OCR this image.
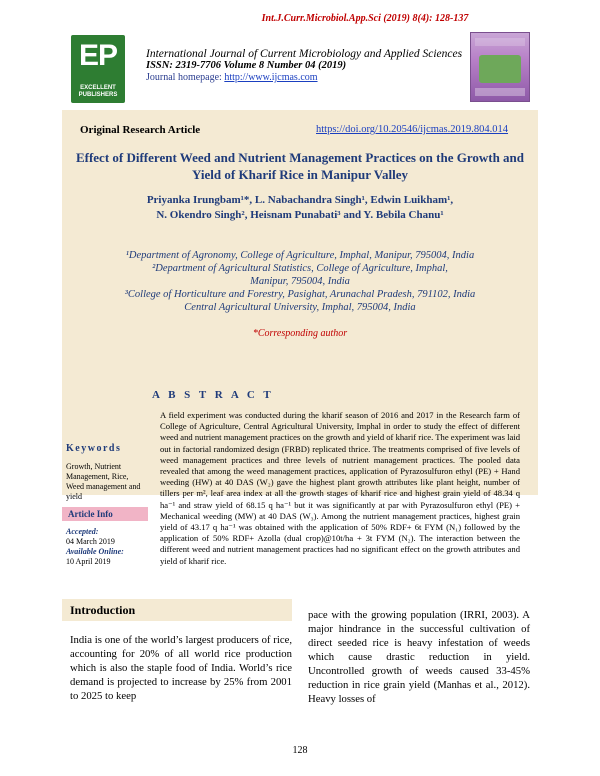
Int.J.Curr.Microbiol.App.Sci (2019) 8(4): 128-137
EP
EXCELLENT PUBLISHERS
International Journal of Current Microbiology and Applied Sciences
ISSN: 2319-7706 Volume 8 Number 04 (2019)
Journal homepage: http://www.ijcmas.com
Original Research Article	https://doi.org/10.20546/ijcmas.2019.804.014
Effect of Different Weed and Nutrient Management Practices on the Growth and Yield of Kharif Rice in Manipur Valley
Priyanka Irungbam¹*, L. Nabachandra Singh¹, Edwin Luikham¹,
N. Okendro Singh², Heisnam Punabati³ and Y. Bebila Chanu¹
¹Department of Agronomy, College of Agriculture, Imphal, Manipur, 795004, India
²Department of Agricultural Statistics, College of Agriculture, Imphal,
Manipur, 795004, India
³College of Horticulture and Forestry, Pasighat, Arunachal Pradesh, 791102, India
Central Agricultural University, Imphal, 795004, India
*Corresponding author
A B S T R A C T
A field experiment was conducted during the kharif season of 2016 and 2017 in the Research farm of College of Agriculture, Central Agricultural University, Imphal in order to study the effect of different weed and nutrient management practices on the growth and yield of kharif rice. The experiment was laid out in factorial randomized design (FRBD) replicated thrice. The treatments comprised of five levels of weed management practices and three levels of nutrient management practices. The pooled data revealed that among the weed management practices, application of Pyrazosulfuron ethyl (PE) + Hand weeding (HW) at 40 DAS (W₂) gave the highest plant growth attributes like plant height, number of tillers per m², leaf area index at all the growth stages of kharif rice and highest grain yield of 48.34 q ha⁻¹ and straw yield of 68.15 q ha⁻¹ but it was significantly at par with Pyrazosulfuron ethyl (PE) + Mechanical weeding (MW) at 40 DAS (W₃). Among the nutrient management practices, highest grain yield of 43.17 q ha⁻¹ was obtained with the application of 50% RDF+ 6t FYM (N₁) followed by the application of 50% RDF+ Azolla (dual crop)@10t/ha + 3t FYM (N₂). The interaction between the different weed and nutrient management practices had no significant effect on the growth attributes and yield of kharif rice.
Keywords
Growth, Nutrient Management, Rice, Weed management and yield
Article Info
Accepted:
04 March 2019
Available Online:
10 April 2019
Introduction
India is one of the world’s largest producers of rice, accounting for 20% of all world rice production which is also the staple food of India. World’s rice demand is projected to increase by 25% from 2001 to 2025 to keep
pace with the growing population (IRRI, 2003). A major hindrance in the successful cultivation of direct seeded rice is heavy infestation of weeds which cause drastic reduction in yield. Uncontrolled growth of weeds caused 33-45% reduction in rice grain yield (Manhas et al., 2012). Heavy losses of
128
